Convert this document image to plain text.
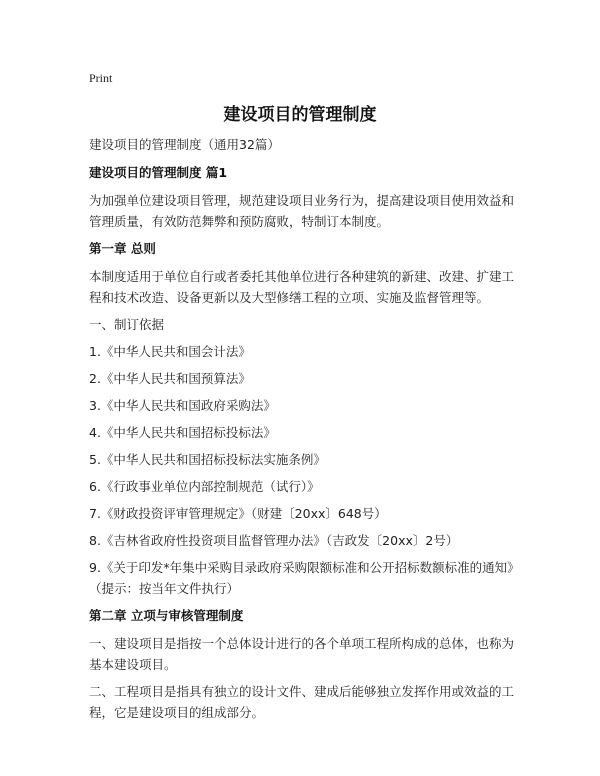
Print
建设项目的管理制度

建设项目的管理制度（通用32篇）

建设项目的管理制度 篇1

为加强单位建设项目管理，规范建设项目业务行为，提高建设项目使用效益和管理质量，有效防范舞弊和预防腐败，特制订本制度。

第一章 总则

本制度适用于单位自行或者委托其他单位进行各种建筑的新建、改建、扩建工程和技术改造、设备更新以及大型修缮工程的立项、实施及监督管理等。

一、制订依据

1.《中华人民共和国会计法》

2.《中华人民共和国预算法》

3.《中华人民共和国政府采购法》

4.《中华人民共和国招标投标法》

5.《中华人民共和国招标投标法实施条例》

6.《行政事业单位内部控制规范（试行）》

7.《财政投资评审管理规定》（财建〔20xx〕648号）

8.《吉林省政府性投资项目监督管理办法》（吉政发〔20xx〕2号）

9.《关于印发*年集中采购目录政府采购限额标准和公开招标数额标准的通知》（提示：按当年文件执行）

第二章 立项与审核管理制度

一、建设项目是指按一个总体设计进行的各个单项工程所构成的总体，也称为基本建设项目。

二、工程项目是指具有独立的设计文件、建成后能够独立发挥作用或效益的工程，它是建设项目的组成部分。
